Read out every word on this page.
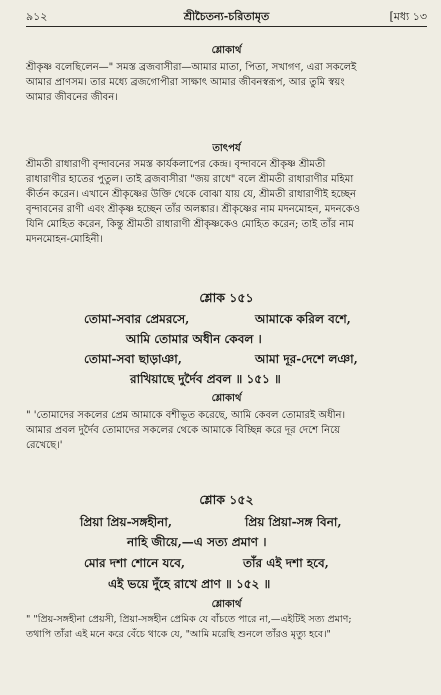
৯১২	শ্রীচৈতন্য-চরিতামৃত	[মধ্য ১৩
শ্লোকার্থ
শ্রীকৃষ্ণ বলেছিলেন—" সমস্ত ব্রজবাসীরা—আমার মাতা, পিতা, সখাগণ, এরা সকলেই
আমার প্রাণসম। তার মধ্যে ব্রজগোপীরা সাক্ষাৎ আমার জীবনস্বরূপ, আর তুমি স্বয়ং
আমার জীবনের জীবন।
তাৎপর্য
শ্রীমতী রাধারাণী বৃন্দাবনের সমস্ত কার্যকলাপের কেন্দ্র। বৃন্দাবনে শ্রীকৃষ্ণ শ্রীমতী
রাধারাণীর হাতের পুতুল। তাই ব্রজবাসীরা "জয় রাধে" বলে শ্রীমতী রাধারাণীর মহিমা
কীর্তন করেন। এখানে শ্রীকৃষ্ণের উক্তি থেকে বোঝা যায় যে, শ্রীমতী রাধারাণীই হচ্ছেন
বৃন্দাবনের রাণী এবং শ্রীকৃষ্ণ হচ্ছেন তাঁর অলঙ্কার। শ্রীকৃষ্ণের নাম মদনমোহন, মদনকেও
যিনি মোহিত করেন, কিন্তু শ্রীমতী রাধারাণী শ্রীকৃষ্ণকেও মোহিত করেন; তাই তাঁর নাম
মদনমোহন-মোহিনী।
শ্লোক ১৫১
তোমা-সবার প্রেমরসে,	আমাকে করিল বশে,
আমি তোমার অধীন কেবল ।
তোমা-সবা ছাড়াঞা,	আমা দূর-দেশে লঞা,
রাখিয়াছে দুর্দৈব প্রবল ॥ ১৫১ ॥
শ্লোকার্থ
" 'তোমাদের সকলের প্রেম আমাকে বশীভূত করেছে, আমি কেবল তোমারই অধীন।
আমার প্রবল দুর্দৈব তোমাদের সকলের থেকে আমাকে বিচ্ছিন্ন করে দূর দেশে নিয়ে
রেখেছে।'
শ্লোক ১৫২
প্রিয়া প্রিয়-সঙ্গহীনা,	প্রিয় প্রিয়া-সঙ্গ বিনা,
নাহি জীয়ে,—এ সত্য প্রমাণ ।
মোর দশা শোনে যবে,	তাঁর এই দশা হবে,
এই ভয়ে দুঁহে রাখে প্রাণ ॥ ১৫২ ॥
শ্লোকার্থ
" "প্রিয়-সঙ্গহীনা প্রেয়সী, প্রিয়া-সঙ্গহীন প্রেমিক যে বাঁচতে পারে না,—এইটিই সত্য প্রমাণ;
তথাপি তাঁরা এই মনে করে বেঁচে থাকে যে, "আমি মরেছি শুনলে তাঁরও মৃত্যু হবে।"
